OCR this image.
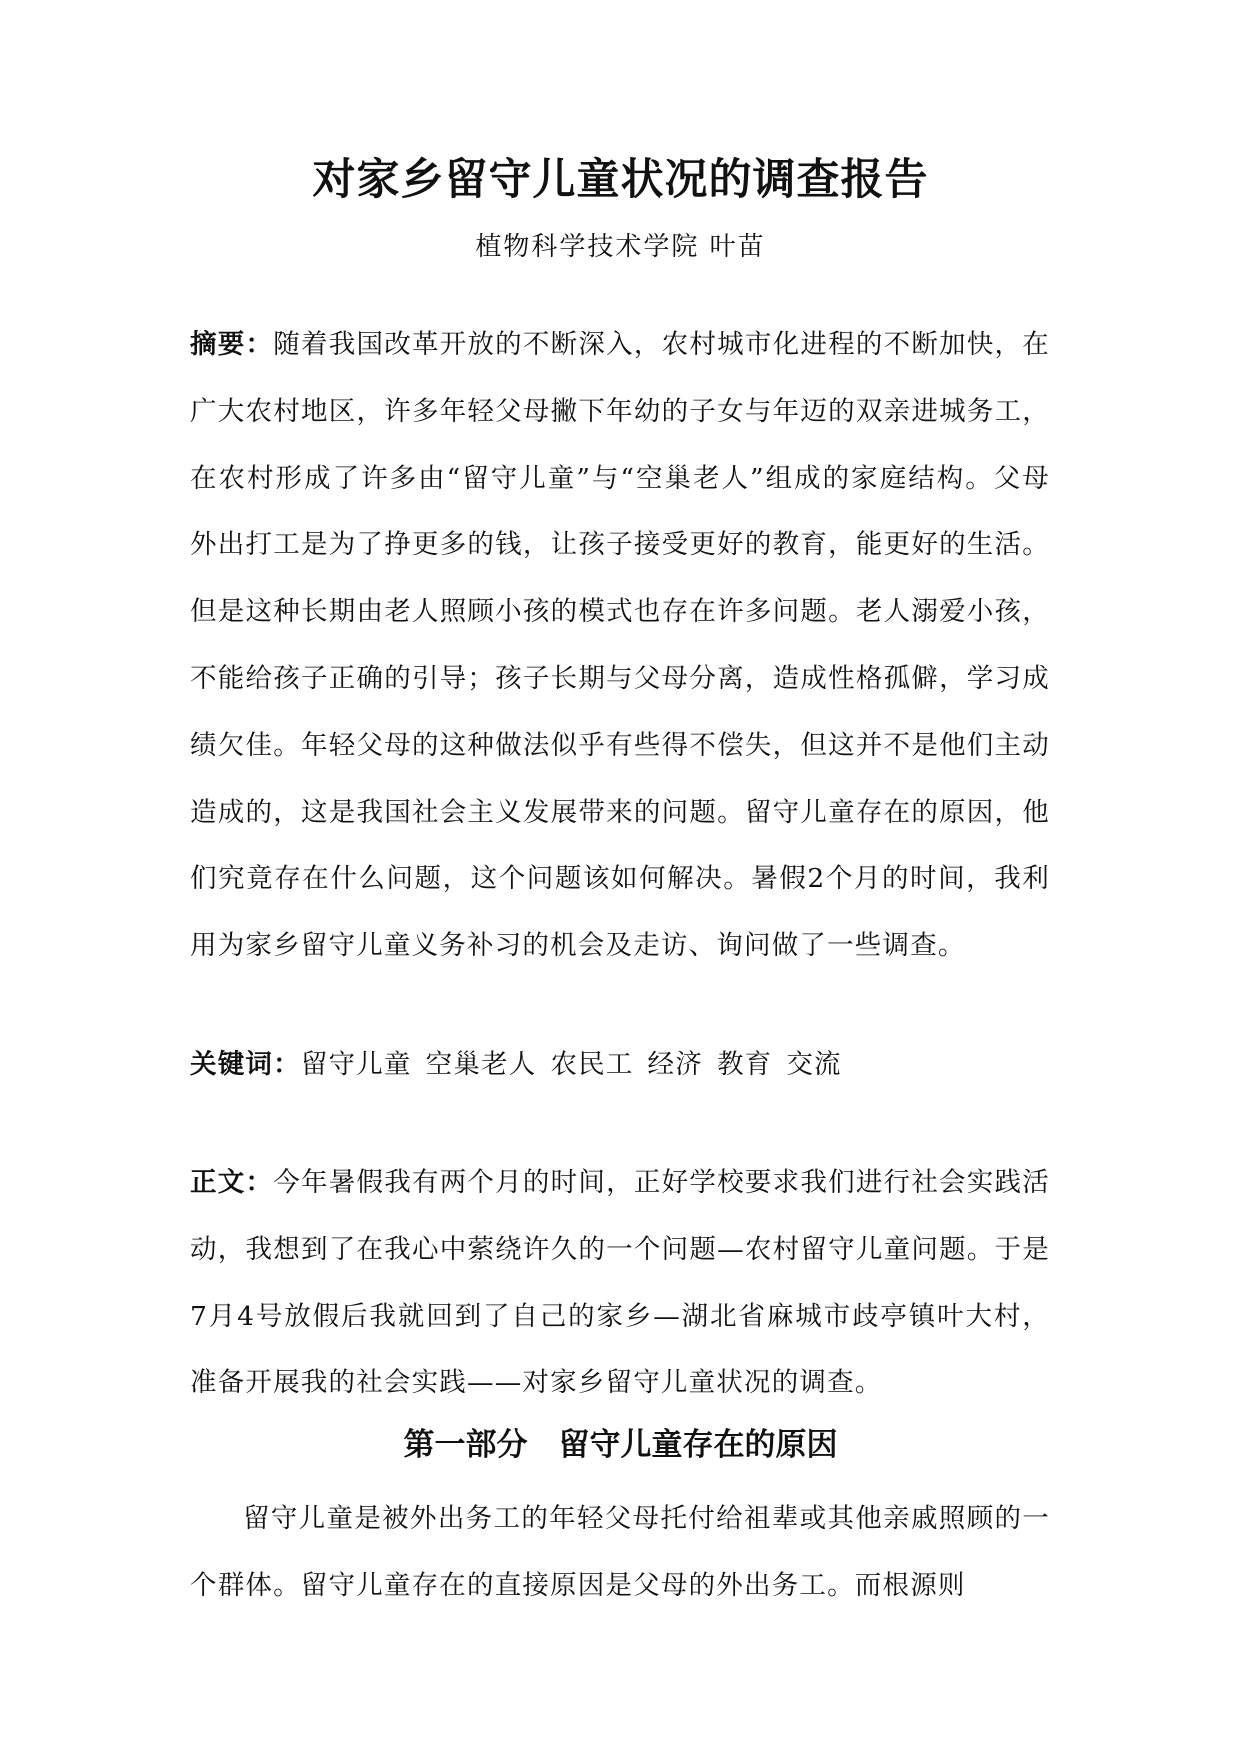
对家乡留守儿童状况的调查报告
植物科学技术学院 叶苗
摘要：随着我国改革开放的不断深入，农村城市化进程的不断加快，在广大农村地区，许多年轻父母撇下年幼的子女与年迈的双亲进城务工，在农村形成了许多由“留守儿童”与“空巢老人”组成的家庭结构。父母外出打工是为了挣更多的钱，让孩子接受更好的教育，能更好的生活。但是这种长期由老人照顾小孩的模式也存在许多问题。老人溺爱小孩，不能给孩子正确的引导；孩子长期与父母分离，造成性格孤僻，学习成绩欠佳。年轻父母的这种做法似乎有些得不偿失，但这并不是他们主动造成的，这是我国社会主义发展带来的问题。留守儿童存在的原因，他们究竟存在什么问题，这个问题该如何解决。暑假2个月的时间，我利用为家乡留守儿童义务补习的机会及走访、询问做了一些调查。
关键词：留守儿童 空巢老人 农民工 经济 教育 交流
正文：今年暑假我有两个月的时间，正好学校要求我们进行社会实践活动，我想到了在我心中萦绕许久的一个问题—农村留守儿童问题。于是7月4号放假后我就回到了自己的家乡—湖北省麻城市歧亭镇叶大村，准备开展我的社会实践——对家乡留守儿童状况的调查。
第一部分　留守儿童存在的原因
留守儿童是被外出务工的年轻父母托付给祖辈或其他亲戚照顾的一个群体。留守儿童存在的直接原因是父母的外出务工。而根源则
